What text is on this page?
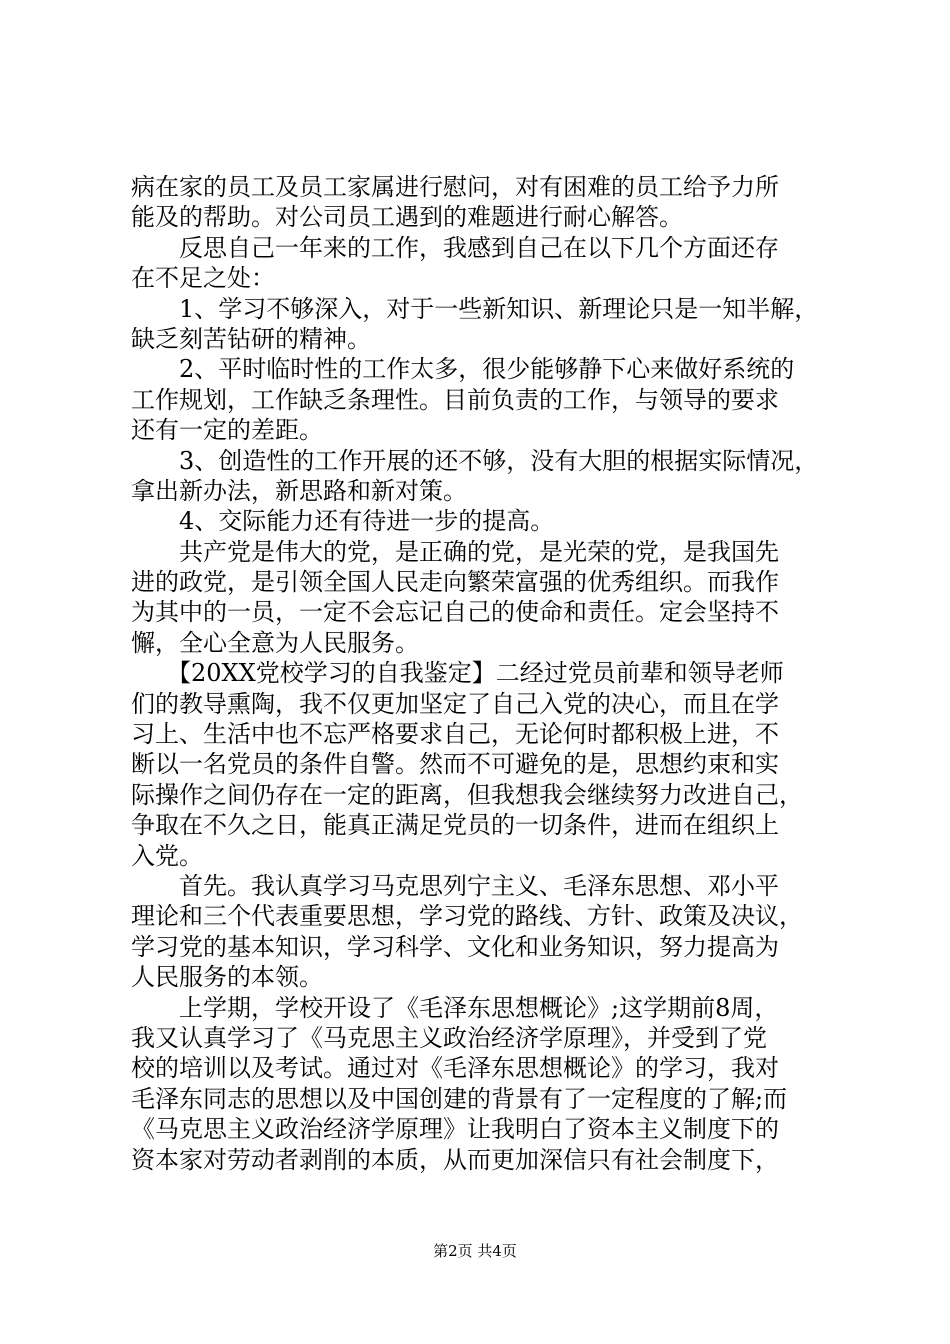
病在家的员工及员工家属进行慰问，对有困难的员工给予力所
能及的帮助。对公司员工遇到的难题进行耐心解答。
　　反思自己一年来的工作，我感到自己在以下几个方面还存
在不足之处：
　　1、学习不够深入，对于一些新知识、新理论只是一知半解，
缺乏刻苦钻研的精神。
　　2、平时临时性的工作太多，很少能够静下心来做好系统的
工作规划，工作缺乏条理性。目前负责的工作，与领导的要求
还有一定的差距。
　　3、创造性的工作开展的还不够，没有大胆的根据实际情况，
拿出新办法，新思路和新对策。
　　4、交际能力还有待进一步的提高。
　　共产党是伟大的党，是正确的党，是光荣的党，是我国先
进的政党，是引领全国人民走向繁荣富强的优秀组织。而我作
为其中的一员，一定不会忘记自己的使命和责任。定会坚持不
懈，全心全意为人民服务。
　　【20XX党校学习的自我鉴定】二经过党员前辈和领导老师
们的教导熏陶，我不仅更加坚定了自己入党的决心，而且在学
习上、生活中也不忘严格要求自己，无论何时都积极上进，不
断以一名党员的条件自警。然而不可避免的是，思想约束和实
际操作之间仍存在一定的距离，但我想我会继续努力改进自己，
争取在不久之日，能真正满足党员的一切条件，进而在组织上
入党。
　　首先。我认真学习马克思列宁主义、毛泽东思想、邓小平
理论和三个代表重要思想，学习党的路线、方针、政策及决议，
学习党的基本知识，学习科学、文化和业务知识，努力提高为
人民服务的本领。
　　上学期，学校开设了《毛泽东思想概论》;这学期前8周，
我又认真学习了《马克思主义政治经济学原理》，并受到了党
校的培训以及考试。通过对《毛泽东思想概论》的学习，我对
毛泽东同志的思想以及中国创建的背景有了一定程度的了解;而
《马克思主义政治经济学原理》让我明白了资本主义制度下的
资本家对劳动者剥削的本质，从而更加深信只有社会制度下，
第2页 共4页
